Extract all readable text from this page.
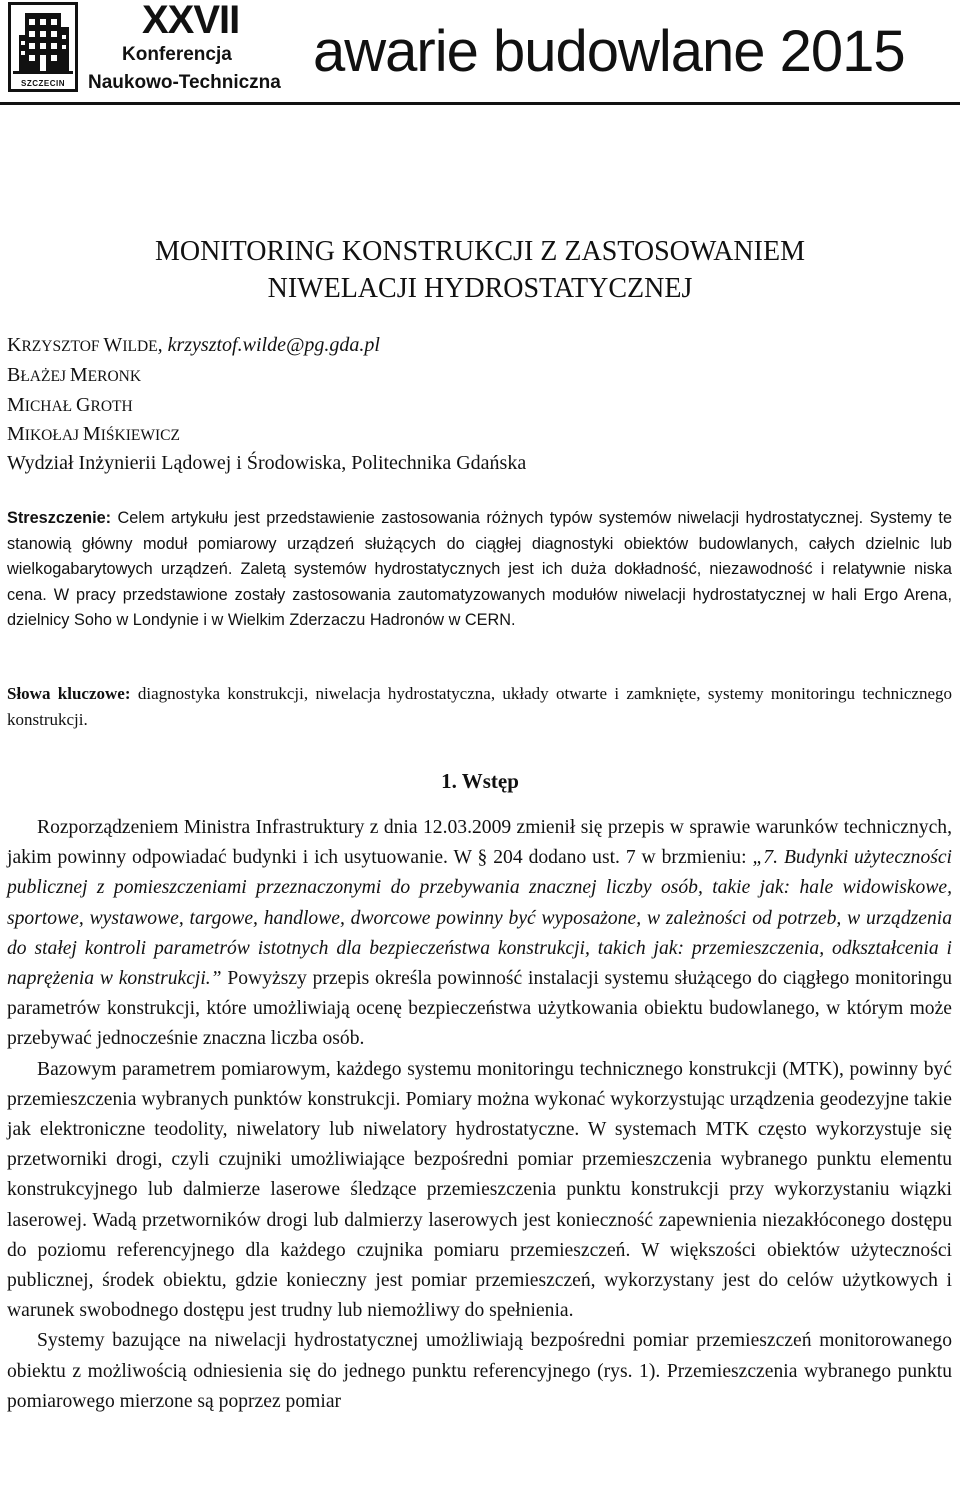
SZCZECIN
XXVII
Konferencja
Naukowo-Techniczna awarie budowlane 2015
MONITORING KONSTRUKCJI Z ZASTOSOWANIEM
NIWELACJI HYDROSTATYCZNEJ
KRZYSZTOF WILDE, krzysztof.wilde@pg.gda.pl
BŁAŻEJ MERONK
MICHAŁ GROTH
MIKOŁAJ MIŚKIEWICZ
Wydział Inżynierii Lądowej i Środowiska, Politechnika Gdańska
Streszczenie: Celem artykułu jest przedstawienie zastosowania różnych typów systemów niwelacji hydrostatycznej. Systemy te stanowią główny moduł pomiarowy urządzeń służących do ciągłej diagnostyki obiektów budowlanych, całych dzielnic lub wielkogabarytowych urządzeń. Zaletą systemów hydrostatycznych jest ich duża dokładność, niezawodność i relatywnie niska cena. W pracy przedstawione zostały zastosowania zautomatyzowanych modułów niwelacji hydrostatycznej w hali Ergo Arena, dzielnicy Soho w Londynie i w Wielkim Zderzaczu Hadronów w CERN.
Słowa kluczowe: diagnostyka konstrukcji, niwelacja hydrostatyczna, układy otwarte i zamknięte, systemy monitoringu technicznego konstrukcji.
1. Wstęp

Rozporządzeniem Ministra Infrastruktury z dnia 12.03.2009 zmienił się przepis w sprawie warunków technicznych, jakim powinny odpowiadać budynki i ich usytuowanie. W § 204 dodano ust. 7 w brzmieniu: „7. Budynki użyteczności publicznej z pomieszczeniami przeznaczonymi do przebywania znacznej liczby osób, takie jak: hale widowiskowe, sportowe, wystawowe, targowe, handlowe, dworcowe powinny być wyposażone, w zależności od potrzeb, w urządzenia do stałej kontroli parametrów istotnych dla bezpieczeństwa konstrukcji, takich jak: przemieszczenia, odkształcenia i naprężenia w konstrukcji.” Powyższy przepis określa powinność instalacji systemu służącego do ciągłego monitoringu parametrów konstrukcji, które umożliwiają ocenę bezpieczeństwa użytkowania obiektu budowlanego, w którym może przebywać jednocześnie znaczna liczba osób.

Bazowym parametrem pomiarowym, każdego systemu monitoringu technicznego konstrukcji (MTK), powinny być przemieszczenia wybranych punktów konstrukcji. Pomiary można wykonać wykorzystując urządzenia geodezyjne takie jak elektroniczne teodolity, niwelatory lub niwelatory hydrostatyczne. W systemach MTK często wykorzystuje się przetworniki drogi, czyli czujniki umożliwiające bezpośredni pomiar przemieszczenia wybranego punktu elementu konstrukcyjnego lub dalmierze laserowe śledzące przemieszczenia punktu konstrukcji przy wykorzystaniu wiązki laserowej. Wadą przetworników drogi lub dalmierzy laserowych jest konieczność zapewnienia niezakłóconego dostępu do poziomu referencyjnego dla każdego czujnika pomiaru przemieszczeń. W większości obiektów użyteczności publicznej, środek obiektu, gdzie konieczny jest pomiar przemieszczeń, wykorzystany jest do celów użytkowych i warunek swobodnego dostępu jest trudny lub niemożliwy do spełnienia.

Systemy bazujące na niwelacji hydrostatycznej umożliwiają bezpośredni pomiar przemieszczeń monitorowanego obiektu z możliwością odniesienia się do jednego punktu referencyjnego (rys. 1). Przemieszczenia wybranego punktu pomiarowego mierzone są poprzez pomiar
